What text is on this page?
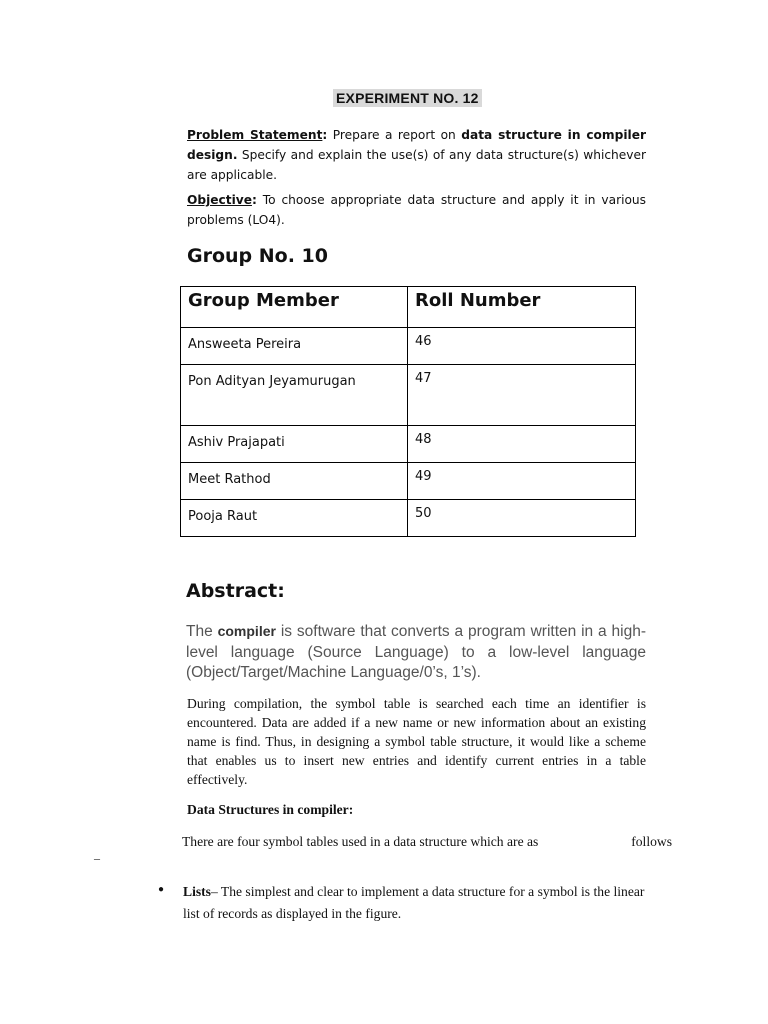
EXPERIMENT NO. 12
Problem Statement: Prepare a report on data structure in compiler design. Specify and explain the use(s) of any data structure(s) whichever are applicable.
Objective: To choose appropriate data structure and apply it in various problems (LO4).
Group No. 10
Group Member	Roll Number
Answeeta Pereira	46
Pon Adityan Jeyamurugan	47
Ashiv Prajapati	48
Meet Rathod	49
Pooja Raut	50
Abstract:
The compiler is software that converts a program written in a high-level language (Source Language) to a low-level language (Object/Target/Machine Language/0’s, 1’s).
During compilation, the symbol table is searched each time an identifier is encountered. Data are added if a new name or new information about an existing name is find. Thus, in designing a symbol table structure, it would like a scheme that enables us to insert new entries and identify current entries in a table effectively.
Data Structures in compiler:
There are four symbol tables used in a data structure which are as	follows
–
● Lists– The simplest and clear to implement a data structure for a symbol is the linear list of records as displayed in the figure.
